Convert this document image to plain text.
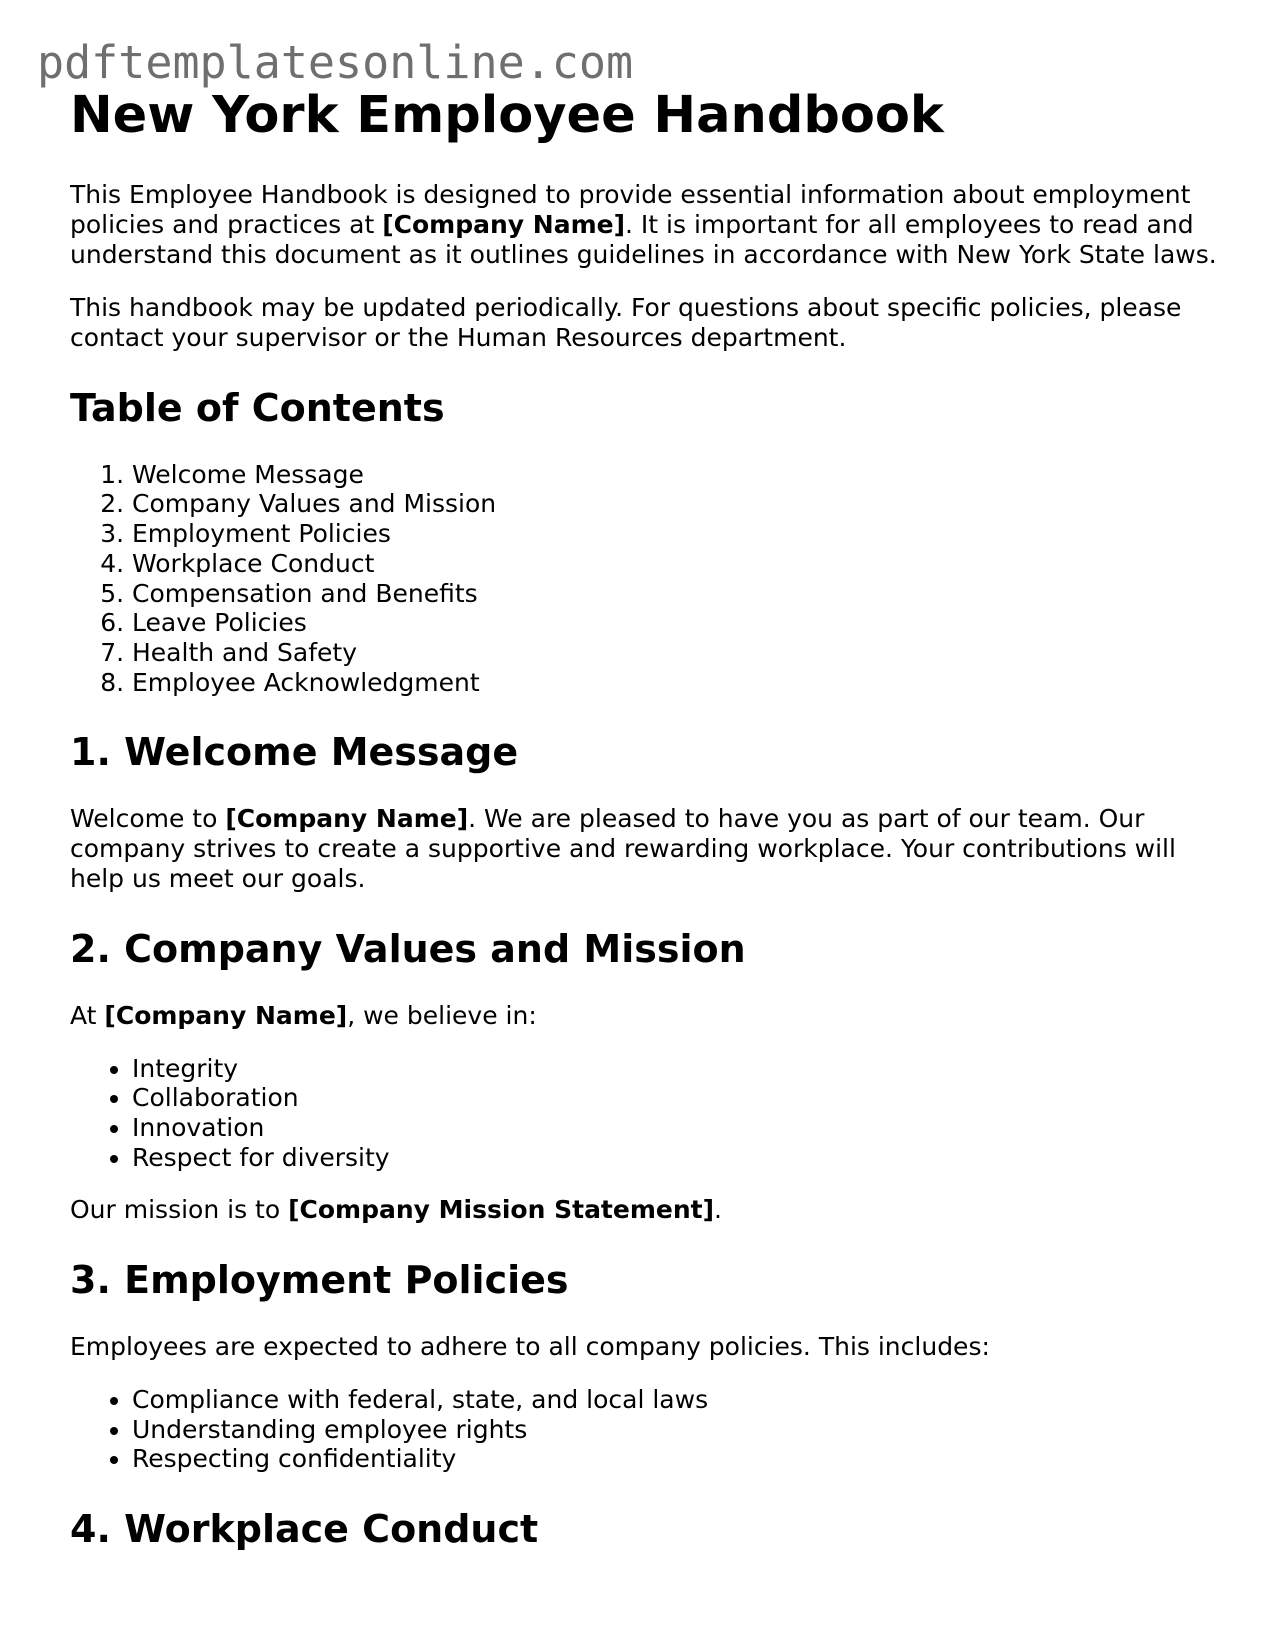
pdftemplatesonline.com
New York Employee Handbook

This Employee Handbook is designed to provide essential information about employment policies and practices at [Company Name]. It is important for all employees to read and understand this document as it outlines guidelines in accordance with New York State laws.

This handbook may be updated periodically. For questions about specific policies, please contact your supervisor or the Human Resources department.

Table of Contents
1. Welcome Message
2. Company Values and Mission
3. Employment Policies
4. Workplace Conduct
5. Compensation and Benefits
6. Leave Policies
7. Health and Safety
8. Employee Acknowledgment
1. Welcome Message

Welcome to [Company Name]. We are pleased to have you as part of our team. Our company strives to create a supportive and rewarding workplace. Your contributions will help us meet our goals.

2. Company Values and Mission

At [Company Name], we believe in:

• Integrity
• Collaboration
• Innovation
• Respect for diversity

Our mission is to [Company Mission Statement].

3. Employment Policies

Employees are expected to adhere to all company policies. This includes:

• Compliance with federal, state, and local laws
• Understanding employee rights
• Respecting confidentiality
4. Workplace Conduct
